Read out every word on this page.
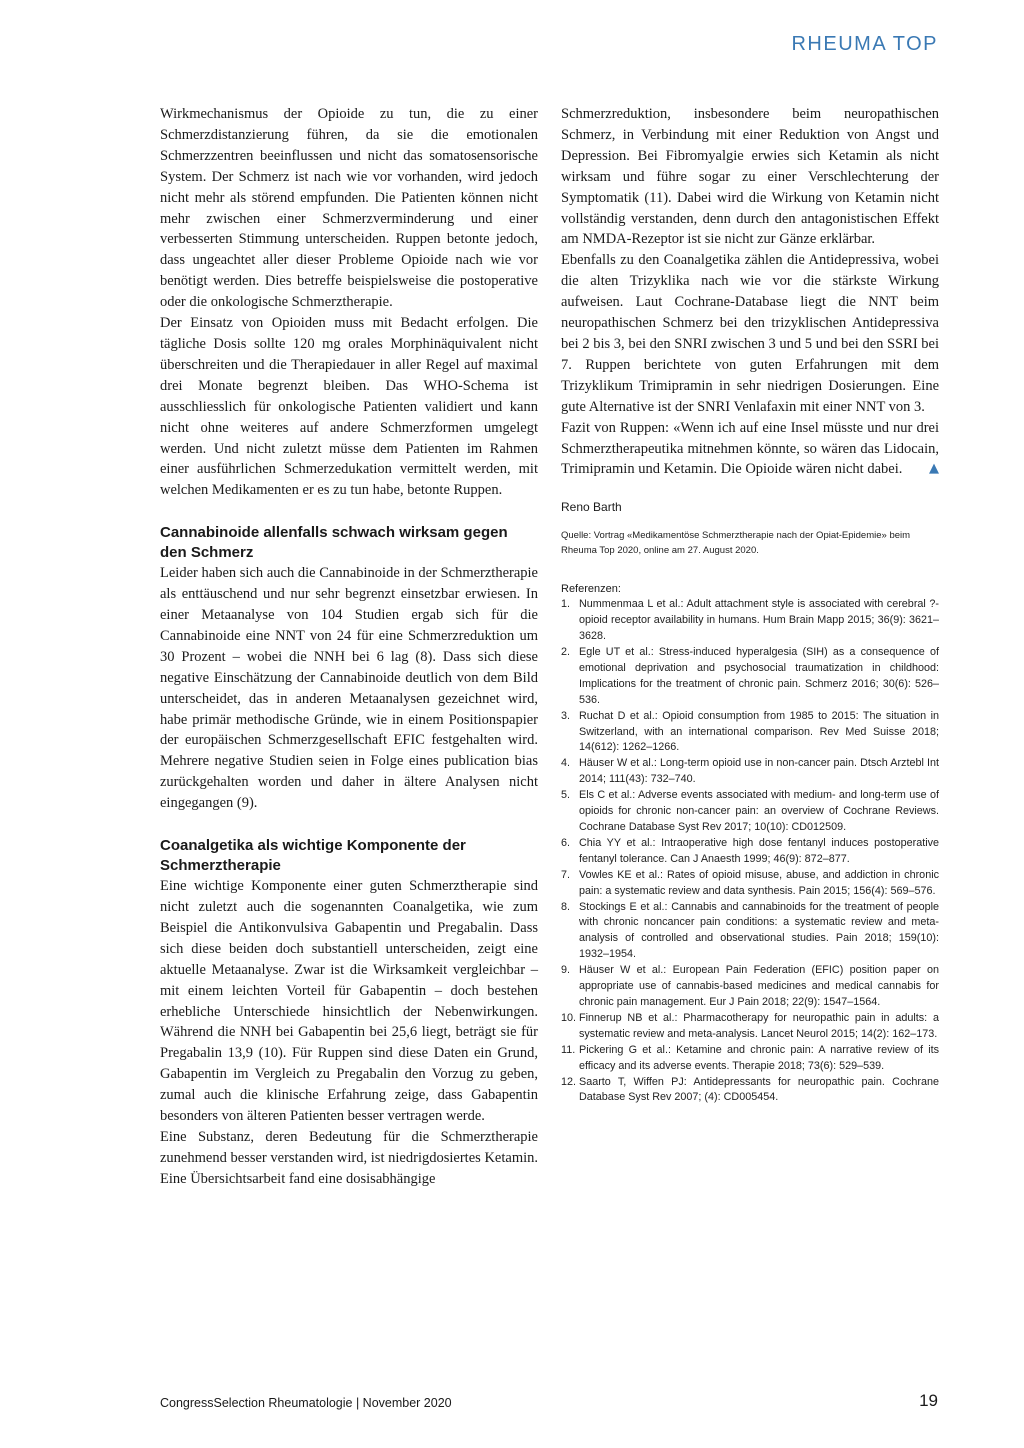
RHEUMA TOP

Wirkmechanismus der Opioide zu tun, die zu einer Schmerzdistanzierung führen, da sie die emotionalen Schmerzzentren beeinflussen und nicht das somatosensorische System. Der Schmerz ist nach wie vor vorhanden, wird jedoch nicht mehr als störend empfunden. Die Patienten können nicht mehr zwischen einer Schmerzverminderung und einer verbesserten Stimmung unterscheiden. Ruppen betonte jedoch, dass ungeachtet aller dieser Probleme Opioide nach wie vor benötigt werden. Dies betreffe beispielsweise die postoperative oder die onkologische Schmerztherapie.

Der Einsatz von Opioiden muss mit Bedacht erfolgen. Die tägliche Dosis sollte 120 mg orales Morphinäquivalent nicht überschreiten und die Therapiedauer in aller Regel auf maximal drei Monate begrenzt bleiben. Das WHO-Schema ist ausschliesslich für onkologische Patienten validiert und kann nicht ohne weiteres auf andere Schmerzformen umgelegt werden. Und nicht zuletzt müsse dem Patienten im Rahmen einer ausführlichen Schmerzedukation vermittelt werden, mit welchen Medikamenten er es zu tun habe, betonte Ruppen.

Cannabinoide allenfalls schwach wirksam gegen den Schmerz

Leider haben sich auch die Cannabinoide in der Schmerztherapie als enttäuschend und nur sehr begrenzt einsetzbar erwiesen. In einer Metaanalyse von 104 Studien ergab sich für die Cannabinoide eine NNT von 24 für eine Schmerzreduktion um 30 Prozent – wobei die NNH bei 6 lag (8). Dass sich diese negative Einschätzung der Cannabinoide deutlich von dem Bild unterscheidet, das in anderen Metaanalysen gezeichnet wird, habe primär methodische Gründe, wie in einem Positionspapier der europäischen Schmerzgesellschaft EFIC festgehalten wird. Mehrere negative Studien seien in Folge eines publication bias zurückgehalten worden und daher in ältere Analysen nicht eingegangen (9).

Coanalgetika als wichtige Komponente der Schmerztherapie

Eine wichtige Komponente einer guten Schmerztherapie sind nicht zuletzt auch die sogenannten Coanalgetika, wie zum Beispiel die Antikonvulsiva Gabapentin und Pregabalin. Dass sich diese beiden doch substantiell unterscheiden, zeigt eine aktuelle Metaanalyse. Zwar ist die Wirksamkeit vergleichbar – mit einem leichten Vorteil für Gabapentin – doch bestehen erhebliche Unterschiede hinsichtlich der Nebenwirkungen. Während die NNH bei Gabapentin bei 25,6 liegt, beträgt sie für Pregabalin 13,9 (10). Für Ruppen sind diese Daten ein Grund, Gabapentin im Vergleich zu Pregabalin den Vorzug zu geben, zumal auch die klinische Erfahrung zeige, dass Gabapentin besonders von älteren Patienten besser vertragen werde.

Eine Substanz, deren Bedeutung für die Schmerztherapie zunehmend besser verstanden wird, ist niedrigdosiertes Ketamin. Eine Übersichtsarbeit fand eine dosisabhängige

Schmerzreduktion, insbesondere beim neuropathischen Schmerz, in Verbindung mit einer Reduktion von Angst und Depression. Bei Fibromyalgie erwies sich Ketamin als nicht wirksam und führe sogar zu einer Verschlechterung der Symptomatik (11). Dabei wird die Wirkung von Ketamin nicht vollständig verstanden, denn durch den antagonistischen Effekt am NMDA-Rezeptor ist sie nicht zur Gänze erklärbar.

Ebenfalls zu den Coanalgetika zählen die Antidepressiva, wobei die alten Trizyklika nach wie vor die stärkste Wirkung aufweisen. Laut Cochrane-Database liegt die NNT beim neuropathischen Schmerz bei den trizyklischen Antidepressiva bei 2 bis 3, bei den SNRI zwischen 3 und 5 und bei den SSRI bei 7. Ruppen berichtete von guten Erfahrungen mit dem Trizyklikum Trimipramin in sehr niedrigen Dosierungen. Eine gute Alternative ist der SNRI Venlafaxin mit einer NNT von 3.

Fazit von Ruppen: «Wenn ich auf eine Insel müsste und nur drei Schmerztherapeutika mitnehmen könnte, so wären das Lidocain, Trimipramin und Ketamin. Die Opioide wären nicht dabei. ▲

Reno Barth

Quelle: Vortrag «Medikamentöse Schmerztherapie nach der Opiat-Epidemie» beim Rheuma Top 2020, online am 27. August 2020.

Referenzen:

1. Nummenmaa L et al.: Adult attachment style is associated with cerebral ?-opioid receptor availability in humans. Hum Brain Mapp 2015; 36(9): 3621–3628.
2. Egle UT et al.: Stress-induced hyperalgesia (SIH) as a consequence of emotional deprivation and psychosocial traumatization in childhood: Implications for the treatment of chronic pain. Schmerz 2016; 30(6): 526–536.
3. Ruchat D et al.: Opioid consumption from 1985 to 2015: The situation in Switzerland, with an international comparison. Rev Med Suisse 2018; 14(612): 1262–1266.
4. Häuser W et al.: Long-term opioid use in non-cancer pain. Dtsch Arztebl Int 2014; 111(43): 732–740.
5. Els C et al.: Adverse events associated with medium- and long-term use of opioids for chronic non-cancer pain: an overview of Cochrane Reviews. Cochrane Database Syst Rev 2017; 10(10): CD012509.
6. Chia YY et al.: Intraoperative high dose fentanyl induces postoperative fentanyl tolerance. Can J Anaesth 1999; 46(9): 872–877.
7. Vowles KE et al.: Rates of opioid misuse, abuse, and addiction in chronic pain: a systematic review and data synthesis. Pain 2015; 156(4): 569–576.
8. Stockings E et al.: Cannabis and cannabinoids for the treatment of people with chronic noncancer pain conditions: a systematic review and meta-analysis of controlled and observational studies. Pain 2018; 159(10): 1932–1954.
9. Häuser W et al.: European Pain Federation (EFIC) position paper on appropriate use of cannabis-based medicines and medical cannabis for chronic pain management. Eur J Pain 2018; 22(9): 1547–1564.
10. Finnerup NB et al.: Pharmacotherapy for neuropathic pain in adults: a systematic review and meta-analysis. Lancet Neurol 2015; 14(2): 162–173.
11. Pickering G et al.: Ketamine and chronic pain: A narrative review of its efficacy and its adverse events. Therapie 2018; 73(6): 529–539.
12. Saarto T, Wiffen PJ: Antidepressants for neuropathic pain. Cochrane Database Syst Rev 2007; (4): CD005454.
CongressSelection Rheumatologie | November 2020	19
